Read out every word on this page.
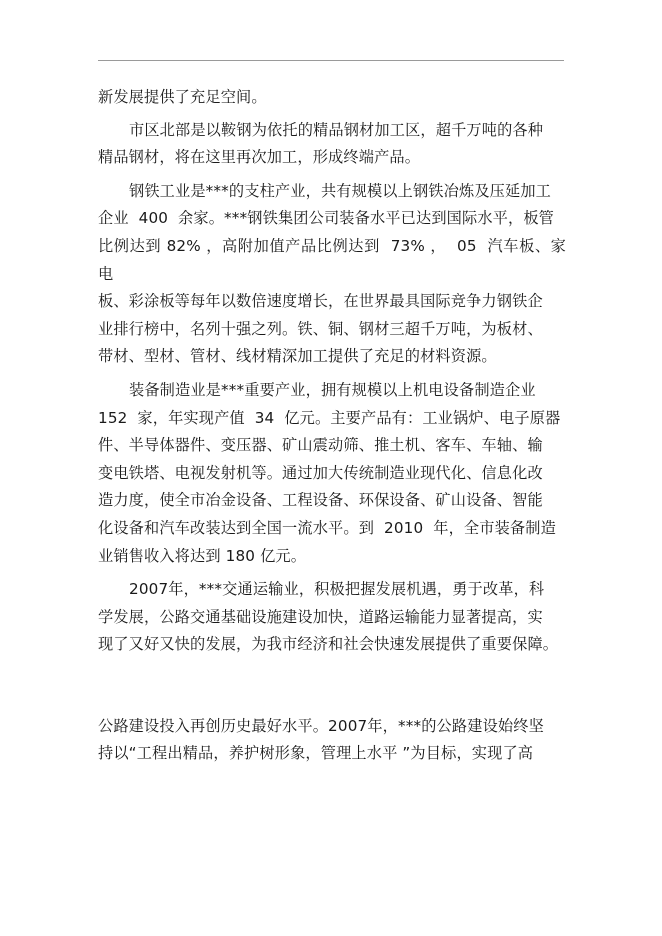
新发展提供了充足空间。

市区北部是以鞍钢为依托的精品钢材加工区，超千万吨的各种
精品钢材，将在这里再次加工，形成终端产品。

钢铁工业是***的支柱产业，共有规模以上钢铁冶炼及压延加工
企业  400  余家。***钢铁集团公司装备水平已达到国际水平，板管
比例达到 82% ，高附加值产品比例达到  73% ，  05  汽车板、家电
板、彩涂板等每年以数倍速度增长，在世界最具国际竞争力钢铁企
业排行榜中，名列十强之列。铁、铜、钢材三超千万吨，为板材、
带材、型材、管材、线材精深加工提供了充足的材料资源。

装备制造业是***重要产业，拥有规模以上机电设备制造企业
152  家，年实现产值  34  亿元。主要产品有：工业锅炉、电子原器
件、半导体器件、变压器、矿山震动筛、推土机、客车、车轴、输
变电铁塔、电视发射机等。通过加大传统制造业现代化、信息化改
造力度，使全市冶金设备、工程设备、环保设备、矿山设备、智能
化设备和汽车改装达到全国一流水平。到  2010  年，全市装备制造
业销售收入将达到 180 亿元。

2007年，***交通运输业，积极把握发展机遇，勇于改革，科
学发展，公路交通基础设施建设加快，道路运输能力显著提高，实
现了又好又快的发展，为我市经济和社会快速发展提供了重要保障。

公路建设投入再创历史最好水平。2007年，***的公路建设始终坚
持以“工程出精品，养护树形象，管理上水平 ”为目标，实现了高
